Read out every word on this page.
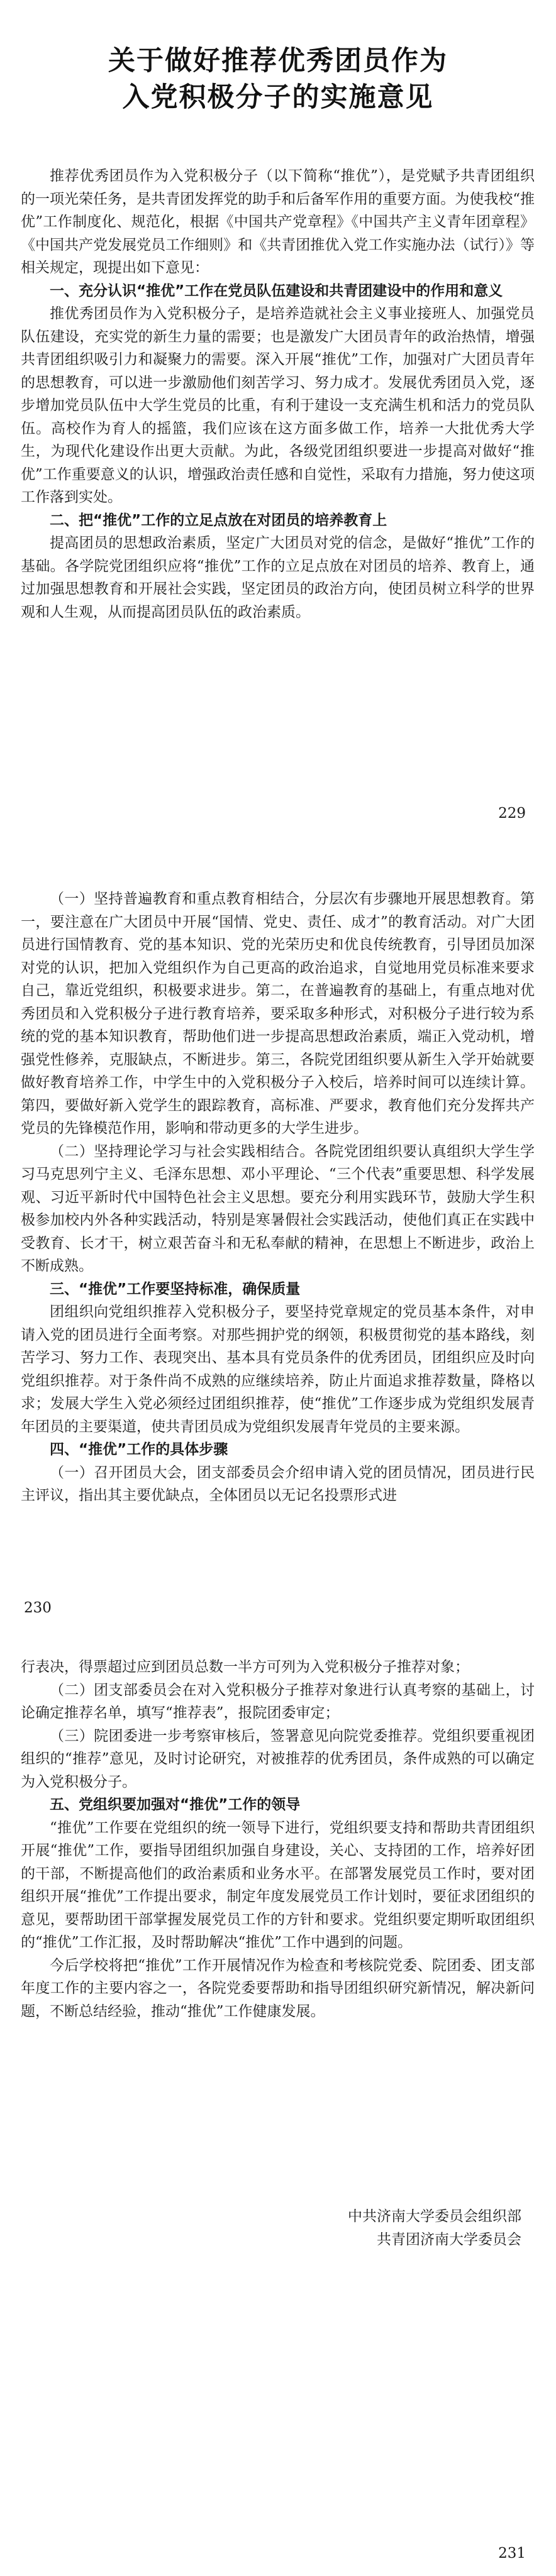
关于做好推荐优秀团员作为
入党积极分子的实施意见

推荐优秀团员作为入党积极分子（以下简称“推优”），是党赋予共青团组织的一项光荣任务，是共青团发挥党的助手和后备军作用的重要方面。为使我校“推优”工作制度化、规范化，根据《中国共产党章程》《中国共产主义青年团章程》《中国共产党发展党员工作细则》和《共青团推优入党工作实施办法（试行）》等相关规定，现提出如下意见：

一、充分认识“推优”工作在党员队伍建设和共青团建设中的作用和意义

推优秀团员作为入党积极分子，是培养造就社会主义事业接班人、加强党员队伍建设，充实党的新生力量的需要；也是激发广大团员青年的政治热情，增强共青团组织吸引力和凝聚力的需要。深入开展“推优”工作，加强对广大团员青年的思想教育，可以进一步激励他们刻苦学习、努力成才。发展优秀团员入党，逐步增加党员队伍中大学生党员的比重，有利于建设一支充满生机和活力的党员队伍。高校作为育人的摇篮，我们应该在这方面多做工作，培养一大批优秀大学生，为现代化建设作出更大贡献。为此，各级党团组织要进一步提高对做好“推优”工作重要意义的认识，增强政治责任感和自觉性，采取有力措施，努力使这项工作落到实处。

二、把“推优”工作的立足点放在对团员的培养教育上

提高团员的思想政治素质，坚定广大团员对党的信念，是做好“推优”工作的基础。各学院党团组织应将“推优”工作的立足点放在对团员的培养、教育上，通过加强思想教育和开展社会实践，坚定团员的政治方向，使团员树立科学的世界观和人生观，从而提高团员队伍的政治素质。

229

（一）坚持普遍教育和重点教育相结合，分层次有步骤地开展思想教育。第一，要注意在广大团员中开展“国情、党史、责任、成才”的教育活动。对广大团员进行国情教育、党的基本知识、党的光荣历史和优良传统教育，引导团员加深对党的认识，把加入党组织作为自己更高的政治追求，自觉地用党员标准来要求自己，靠近党组织，积极要求进步。第二，在普遍教育的基础上，有重点地对优秀团员和入党积极分子进行教育培养，要采取多种形式，对积极分子进行较为系统的党的基本知识教育，帮助他们进一步提高思想政治素质，端正入党动机，增强党性修养，克服缺点，不断进步。第三，各院党团组织要从新生入学开始就要做好教育培养工作，中学生中的入党积极分子入校后，培养时间可以连续计算。第四，要做好新入党学生的跟踪教育，高标准、严要求，教育他们充分发挥共产党员的先锋模范作用，影响和带动更多的大学生进步。

（二）坚持理论学习与社会实践相结合。各院党团组织要认真组织大学生学习马克思列宁主义、毛泽东思想、邓小平理论、“三个代表”重要思想、科学发展观、习近平新时代中国特色社会主义思想。要充分利用实践环节，鼓励大学生积极参加校内外各种实践活动，特别是寒暑假社会实践活动，使他们真正在实践中受教育、长才干，树立艰苦奋斗和无私奉献的精神，在思想上不断进步，政治上不断成熟。

三、“推优”工作要坚持标准，确保质量

团组织向党组织推荐入党积极分子，要坚持党章规定的党员基本条件，对申请入党的团员进行全面考察。对那些拥护党的纲领，积极贯彻党的基本路线，刻苦学习、努力工作、表现突出、基本具有党员条件的优秀团员，团组织应及时向党组织推荐。对于条件尚不成熟的应继续培养，防止片面追求推荐数量，降格以求；发展大学生入党必须经过团组织推荐，使“推优”工作逐步成为党组织发展青年团员的主要渠道，使共青团员成为党组织发展青年党员的主要来源。

四、“推优”工作的具体步骤

（一）召开团员大会，团支部委员会介绍申请入党的团员情况，团员进行民主评议，指出其主要优缺点，全体团员以无记名投票形式进

230

行表决，得票超过应到团员总数一半方可列为入党积极分子推荐对象；

（二）团支部委员会在对入党积极分子推荐对象进行认真考察的基础上，讨论确定推荐名单，填写“推荐表”，报院团委审定；

（三）院团委进一步考察审核后，签署意见向院党委推荐。党组织要重视团组织的“推荐”意见，及时讨论研究，对被推荐的优秀团员，条件成熟的可以确定为入党积极分子。

五、党组织要加强对“推优”工作的领导

“推优”工作要在党组织的统一领导下进行，党组织要支持和帮助共青团组织开展“推优”工作，要指导团组织加强自身建设，关心、支持团的工作，培养好团的干部，不断提高他们的政治素质和业务水平。在部署发展党员工作时，要对团组织开展“推优”工作提出要求，制定年度发展党员工作计划时，要征求团组织的意见，要帮助团干部掌握发展党员工作的方针和要求。党组织要定期听取团组织的“推优”工作汇报，及时帮助解决“推优”工作中遇到的问题。

今后学校将把“推优”工作开展情况作为检查和考核院党委、院团委、团支部年度工作的主要内容之一，各院党委要帮助和指导团组织研究新情况，解决新问题，不断总结经验，推动“推优”工作健康发展。

中共济南大学委员会组织部
共青团济南大学委员会
231
